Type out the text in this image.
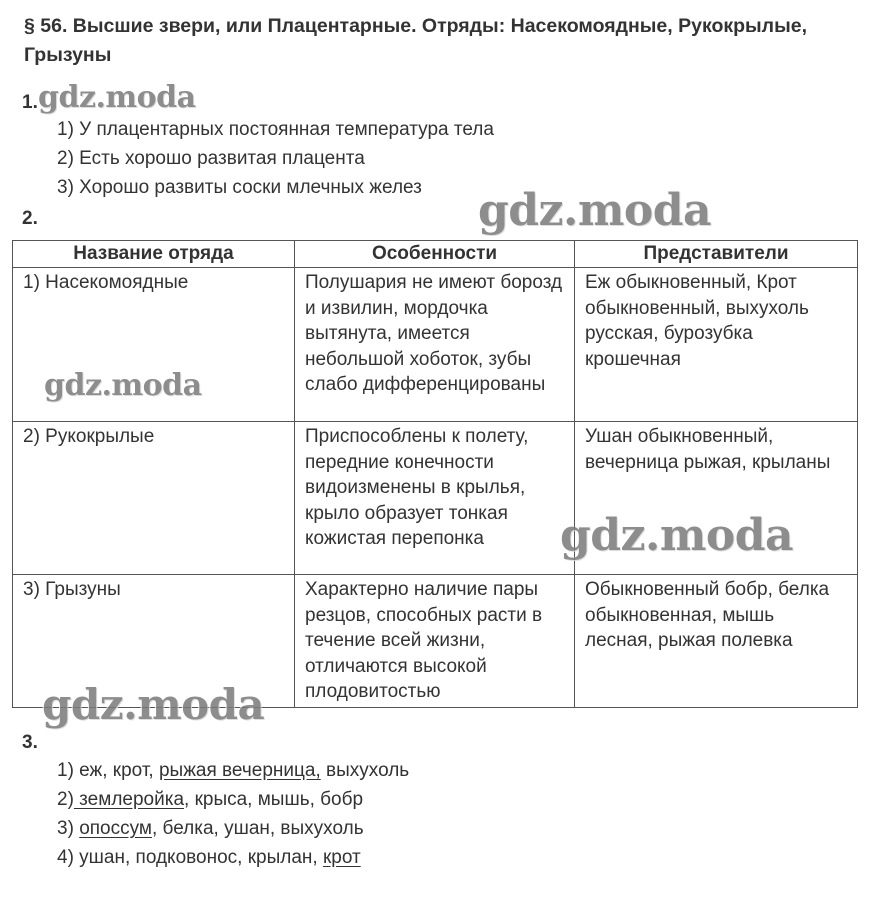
§ 56. Высшие звери, или Плацентарные. Отряды: Насекомоядные, Рукокрылые, Грызуны
1. gdz.moda
1) У плацентарных постоянная температура тела
2) Есть хорошо развитая плацента
3) Хорошо развиты соски млечных желез
2.
Название отряда	Особенности	Представители
1) Насекомоядные	Полушария не имеют борозд и извилин, мордочка вытянута, имеется небольшой хоботок, зубы слабо дифференцированы	Еж обыкновенный, Крот обыкновенный, выхухоль русская, бурозубка крошечная
2) Рукокрылые	Приспособлены к полету, передние конечности видоизменены в крылья, крыло образует тонкая кожистая перепонка	Ушан обыкновенный, вечерница рыжая, крыланы
3) Грызуны	Характерно наличие пары резцов, способных расти в течение всей жизни, отличаются высокой плодовитостью	Обыкновенный бобр, белка обыкновенная, мышь лесная, рыжая полевка
gdz.moda
gdz.moda
gdz.moda
gdz.moda
3.
1) еж, крот, рыжая вечерница, выхухоль
2) землеройка, крыса, мышь, бобр
3) опоссум, белка, ушан, выхухоль
4) ушан, подковонос, крылан, крот
